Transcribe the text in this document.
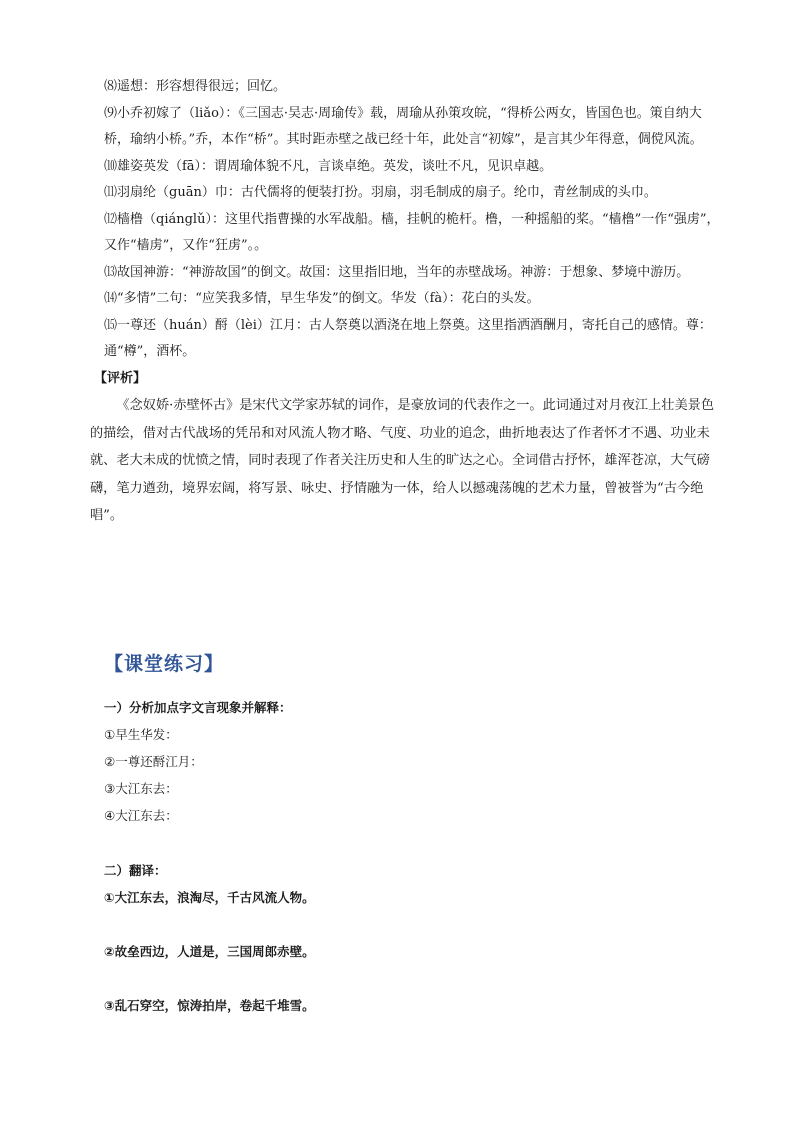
⑻遥想：形容想得很远；回忆。

⑼小乔初嫁了（liǎo）：《三国志·吴志·周瑜传》载，周瑜从孙策攻皖，“得桥公两女，皆国色也。策自纳大桥，瑜纳小桥。”乔，本作“桥”。其时距赤壁之战已经十年，此处言“初嫁”，是言其少年得意，倜傥风流。

⑽雄姿英发（fā）：谓周瑜体貌不凡，言谈卓绝。英发，谈吐不凡，见识卓越。

⑾羽扇纶（guān）巾：古代儒将的便装打扮。羽扇，羽毛制成的扇子。纶巾，青丝制成的头巾。

⑿樯橹（qiánglǔ）：这里代指曹操的水军战船。樯，挂帆的桅杆。橹，一种摇船的桨。“樯橹”一作“强虏”，又作“樯虏”，又作“狂虏”。。

⒀故国神游：“神游故国”的倒文。故国：这里指旧地，当年的赤壁战场。神游：于想象、梦境中游历。

⒁“多情”二句：“应笑我多情，早生华发”的倒文。华发（fà）：花白的头发。

⒂一尊还（huán）酹（lèi）江月：古人祭奠以酒浇在地上祭奠。这里指洒酒酬月，寄托自己的感情。尊：通“樽”，酒杯。

【评析】

《念奴娇·赤壁怀古》是宋代文学家苏轼的词作，是豪放词的代表作之一。此词通过对月夜江上壮美景色的描绘，借对古代战场的凭吊和对风流人物才略、气度、功业的追念，曲折地表达了作者怀才不遇、功业未就、老大未成的忧愤之情，同时表现了作者关注历史和人生的旷达之心。全词借古抒怀，雄浑苍凉，大气磅礴，笔力遒劲，境界宏阔，将写景、咏史、抒情融为一体，给人以撼魂荡魄的艺术力量，曾被誉为“古今绝唱”。

【课堂练习】

一）分析加点字文言现象并解释：

①早生华发：

②一尊还酹江月：

③大江东去：

④大江东去：

二）翻译：

①大江东去，浪淘尽，千古风流人物。

②故垒西边，人道是，三国周郎赤壁。

③乱石穿空，惊涛拍岸，卷起千堆雪。
